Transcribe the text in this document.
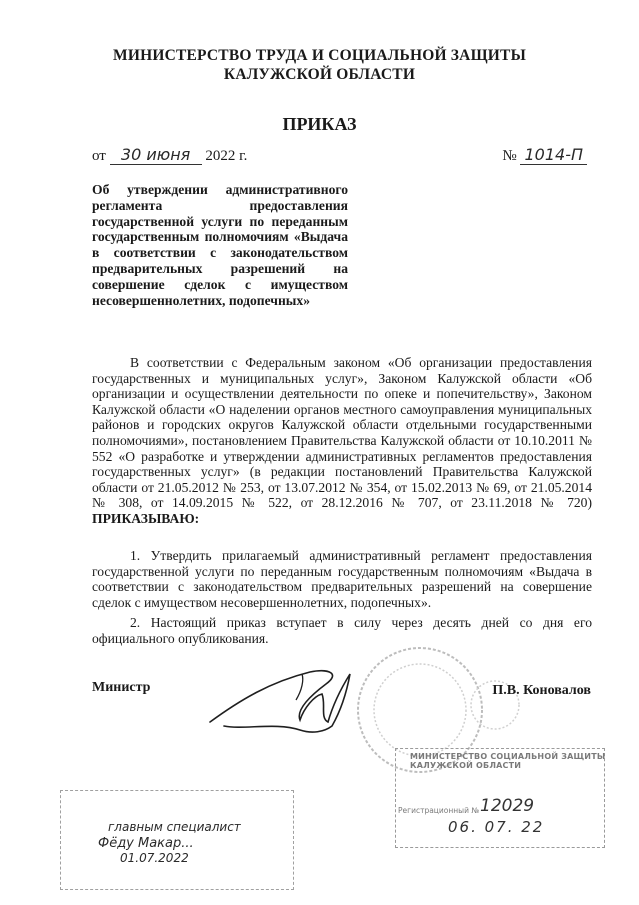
МИНИСТЕРСТВО ТРУДА И СОЦИАЛЬНОЙ ЗАЩИТЫ
КАЛУЖСКОЙ ОБЛАСТИ
ПРИКАЗ
от 30 июня 2022 г.	№ 1014-П
Об утверждении административного регламента предоставления государственной услуги по переданным государственным полномочиям «Выдача в соответствии с законодательством предварительных разрешений на совершение сделок с имуществом несовершеннолетних, подопечных»
В соответствии с Федеральным законом «Об организации предоставления государственных и муниципальных услуг», Законом Калужской области «Об организации и осуществлении деятельности по опеке и попечительству», Законом Калужской области «О наделении органов местного самоуправления муниципальных районов и городских округов Калужской области отдельными государственными полномочиями», постановлением Правительства Калужской области от 10.10.2011 № 552 «О разработке и утверждении административных регламентов предоставления государственных услуг» (в редакции постановлений Правительства Калужской области от 21.05.2012 № 253, от 13.07.2012 № 354, от 15.02.2013 № 69, от 21.05.2014 № 308, от 14.09.2015 № 522, от 28.12.2016 № 707, от 23.11.2018 № 720) ПРИКАЗЫВАЮ:
1. Утвердить прилагаемый административный регламент предоставления государственной услуги по переданным государственным полномочиям «Выдача в соответствии с законодательством предварительных разрешений на совершение сделок с имуществом несовершеннолетних, подопечных».
2. Настоящий приказ вступает в силу через десять дней со дня его официального опубликования.
Министр	П.В. Коновалов
МИНИСТЕРСТВО СОЦИАЛЬНОЙ ЗАЩИТЫ КАЛУЖСКОЙ ОБЛАСТИ
Регистрационный № 12029
06. 07. 22
главным специалист
Фёду Макар...
01.07.2022
